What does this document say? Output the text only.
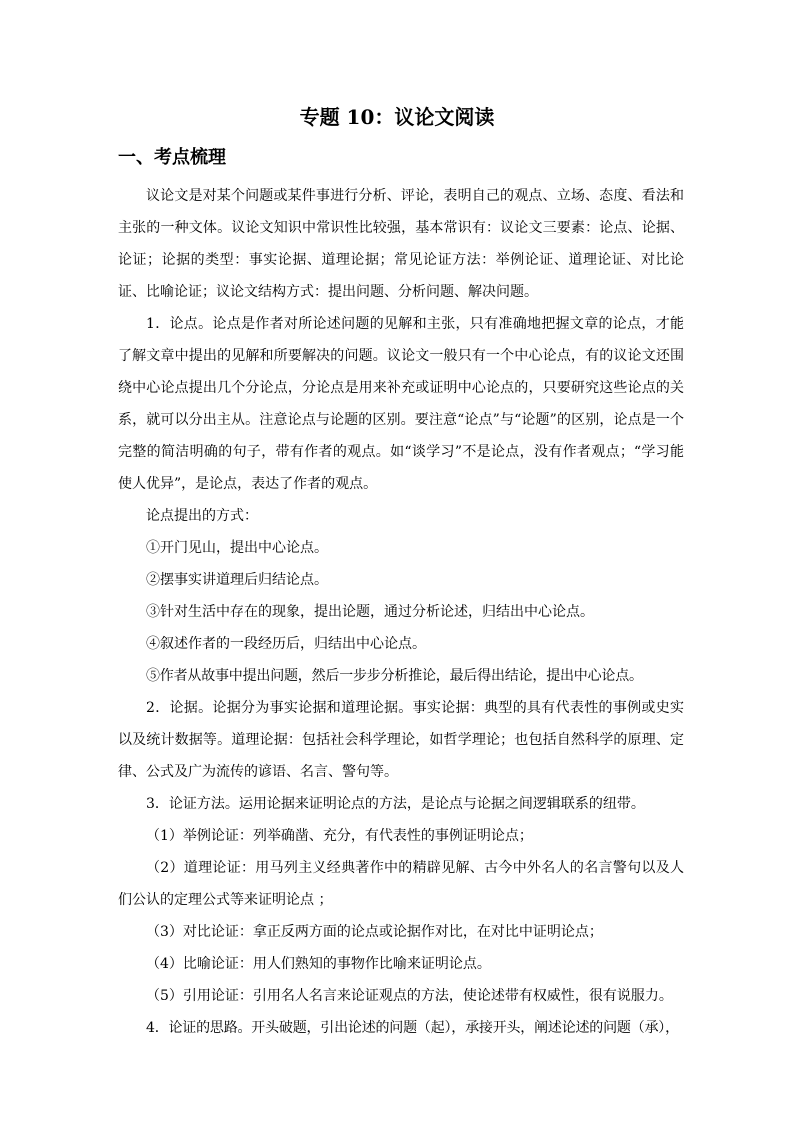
专题 10：议论文阅读
一、考点梳理

议论文是对某个问题或某件事进行分析、评论，表明自己的观点、立场、态度、看法和主张的一种文体。议论文知识中常识性比较强，基本常识有：议论文三要素：论点、论据、论证；论据的类型：事实论据、道理论据；常见论证方法：举例论证、道理论证、对比论证、比喻论证；议论文结构方式：提出问题、分析问题、解决问题。

1．论点。论点是作者对所论述问题的见解和主张，只有准确地把握文章的论点，才能了解文章中提出的见解和所要解决的问题。议论文一般只有一个中心论点，有的议论文还围绕中心论点提出几个分论点，分论点是用来补充或证明中心论点的，只要研究这些论点的关系，就可以分出主从。注意论点与论题的区别。要注意“论点”与“论题”的区别，论点是一个完整的简洁明确的句子，带有作者的观点。如“谈学习”不是论点，没有作者观点；“学习能使人优异”，是论点，表达了作者的观点。

论点提出的方式：

①开门见山，提出中心论点。

②摆事实讲道理后归结论点。

③针对生活中存在的现象，提出论题，通过分析论述，归结出中心论点。

④叙述作者的一段经历后，归结出中心论点。

⑤作者从故事中提出问题，然后一步步分析推论，最后得出结论，提出中心论点。

2．论据。论据分为事实论据和道理论据。事实论据：典型的具有代表性的事例或史实以及统计数据等。道理论据：包括社会科学理论，如哲学理论；也包括自然科学的原理、定律、公式及广为流传的谚语、名言、警句等。

3．论证方法。运用论据来证明论点的方法，是论点与论据之间逻辑联系的纽带。

（1）举例论证：列举确凿、充分，有代表性的事例证明论点；

（2）道理论证：用马列主义经典著作中的精辟见解、古今中外名人的名言警句以及人们公认的定理公式等来证明论点 ；

（3）对比论证：拿正反两方面的论点或论据作对比，在对比中证明论点；

（4）比喻论证：用人们熟知的事物作比喻来证明论点。

（5）引用论证：引用名人名言来论证观点的方法，使论述带有权威性，很有说服力。

4．论证的思路。开头破题，引出论述的问题（起），承接开头，阐述论述的问题（承），
